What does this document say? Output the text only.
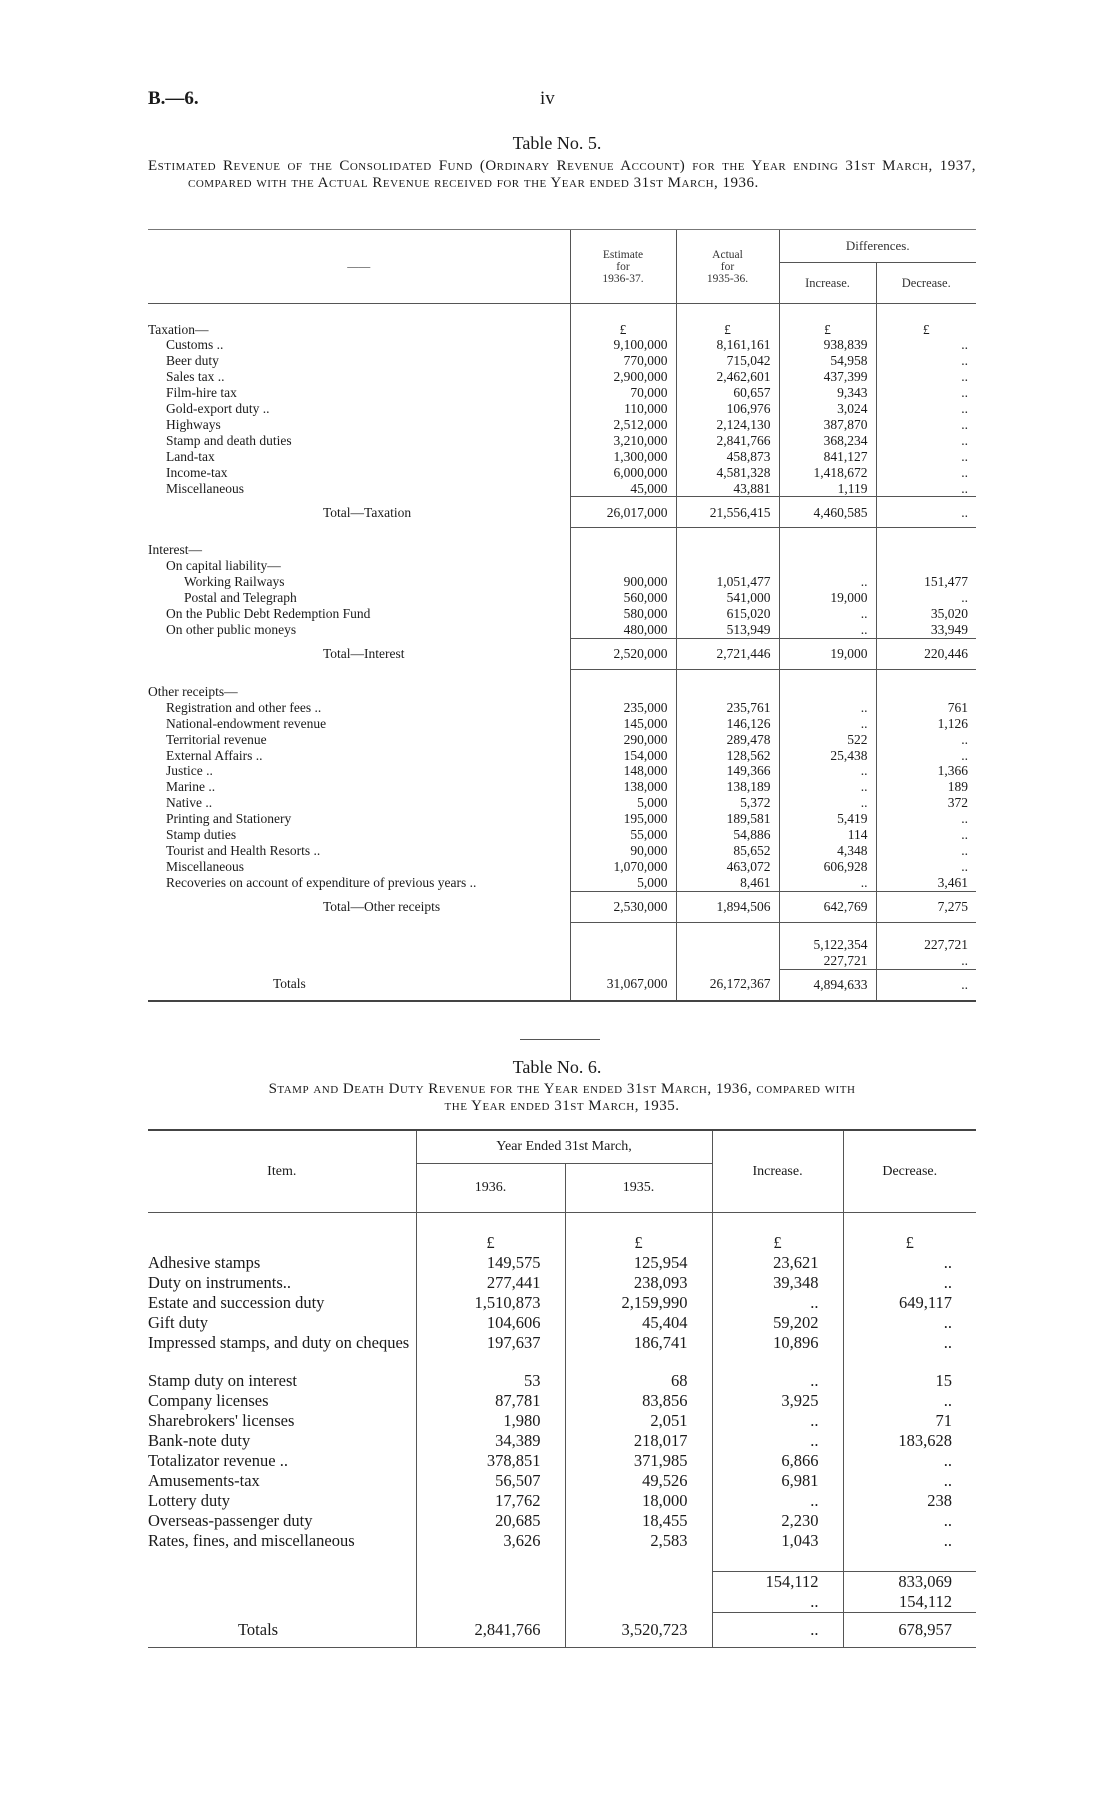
B.—6.	iv
Table No. 5.
Estimated Revenue of the Consolidated Fund (Ordinary Revenue Account) for the Year ending 31st March, 1937, compared with the Actual Revenue received for the Year ended 31st March, 1936.
——	Estimate
for
1936-37.	Actual
for
1935-36.	Differences.	
			Increase.	Decrease.

Taxation—	£	£	£	£
Customs ..	9,100,000	8,161,161	938,839	..
Beer duty	770,000	715,042	54,958	..
Sales tax ..	2,900,000	2,462,601	437,399	..
Film-hire tax	70,000	60,657	9,343	..
Gold-export duty ..	110,000	106,976	3,024	..
Highways	2,512,000	2,124,130	387,870	..
Stamp and death duties	3,210,000	2,841,766	368,234	..
Land-tax	1,300,000	458,873	841,127	..
Income-tax	6,000,000	4,581,328	1,418,672	..
Miscellaneous	45,000	43,881	1,119	..
Total—Taxation	26,017,000	21,556,415	4,460,585	..

Interest—				
On capital liability—				
Working Railways	900,000	1,051,477	..	151,477
Postal and Telegraph	560,000	541,000	19,000	..
On the Public Debt Redemption Fund	580,000	615,020	..	35,020
On other public moneys	480,000	513,949	..	33,949
Total—Interest	2,520,000	2,721,446	19,000	220,446

Other receipts—				
Registration and other fees ..	235,000	235,761	..	761
National-endowment revenue	145,000	146,126	..	1,126
Territorial revenue	290,000	289,478	522	..
External Affairs ..	154,000	128,562	25,438	..
Justice ..	148,000	149,366	..	1,366
Marine ..	138,000	138,189	..	189
Native ..	5,000	5,372	..	372
Printing and Stationery	195,000	189,581	5,419	..
Stamp duties	55,000	54,886	114	..
Tourist and Health Resorts ..	90,000	85,652	4,348	..
Miscellaneous	1,070,000	463,072	606,928	..
Recoveries on account of expenditure of previous years ..	5,000	8,461	..	3,461
Total—Other receipts	2,530,000	1,894,506	642,769	7,275

			5,122,354	227,721
			227,721	..
Totals	31,067,000	26,172,367	4,894,633	..
Table No. 6.
Stamp and Death Duty Revenue for the Year ended 31st March, 1936, compared with
the Year ended 31st March, 1935.
Item.	Year Ended 31st March,		Increase.	Decrease.
	1936.	1935.		

	£	£	£	£
Adhesive stamps	149,575	125,954	23,621	..
Duty on instruments..	277,441	238,093	39,348	..
Estate and succession duty	1,510,873	2,159,990	..	649,117
Gift duty	104,606	45,404	59,202	..

Impressed stamps, and duty on cheques	197,637	186,741	10,896	..
Stamp duty on interest	53	68	..	15
Company licenses	87,781	83,856	3,925	..
Sharebrokers' licenses	1,980	2,051	..	71
Bank-note duty	34,389	218,017	..	183,628
Totalizator revenue ..	378,851	371,985	6,866	..
Amusements-tax	56,507	49,526	6,981	..
Lottery duty	17,762	18,000	..	238
Overseas-passenger duty	20,685	18,455	2,230	..
Rates, fines, and miscellaneous	3,626	2,583	1,043	..

			154,112	833,069
			..	154,112
Totals	2,841,766	3,520,723	..	678,957
